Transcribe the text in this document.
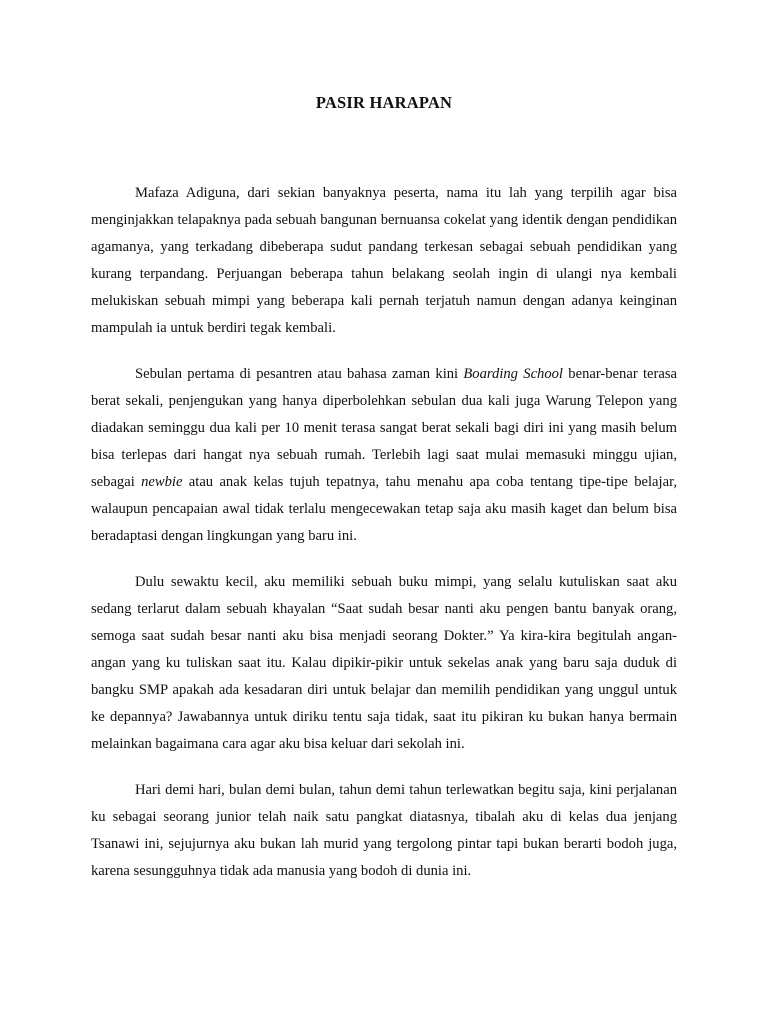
PASIR HARAPAN

Mafaza Adiguna, dari sekian banyaknya peserta, nama itu lah yang terpilih agar bisa menginjakkan telapaknya pada sebuah bangunan bernuansa cokelat yang identik dengan pendidikan agamanya, yang terkadang dibeberapa sudut pandang terkesan sebagai sebuah pendidikan yang kurang terpandang. Perjuangan beberapa tahun belakang seolah ingin di ulangi nya kembali melukiskan sebuah mimpi yang beberapa kali pernah terjatuh namun dengan adanya keinginan mampulah ia untuk berdiri tegak kembali.

Sebulan pertama di pesantren atau bahasa zaman kini Boarding School benar-benar terasa berat sekali, penjengukan yang hanya diperbolehkan sebulan dua kali juga Warung Telepon yang diadakan seminggu dua kali per 10 menit terasa sangat berat sekali bagi diri ini yang masih belum bisa terlepas dari hangat nya sebuah rumah. Terlebih lagi saat mulai memasuki minggu ujian, sebagai newbie atau anak kelas tujuh tepatnya, tahu menahu apa coba tentang tipe-tipe belajar, walaupun pencapaian awal tidak terlalu mengecewakan tetap saja aku masih kaget dan belum bisa beradaptasi dengan lingkungan yang baru ini.

Dulu sewaktu kecil, aku memiliki sebuah buku mimpi, yang selalu kutuliskan saat aku sedang terlarut dalam sebuah khayalan “Saat sudah besar nanti aku pengen bantu banyak orang, semoga saat sudah besar nanti aku bisa menjadi seorang Dokter.” Ya kira-kira begitulah angan-angan yang ku tuliskan saat itu. Kalau dipikir-pikir untuk sekelas anak yang baru saja duduk di bangku SMP apakah ada kesadaran diri untuk belajar dan memilih pendidikan yang unggul untuk ke depannya? Jawabannya untuk diriku tentu saja tidak, saat itu pikiran ku bukan hanya bermain melainkan bagaimana cara agar aku bisa keluar dari sekolah ini.

Hari demi hari, bulan demi bulan, tahun demi tahun terlewatkan begitu saja, kini perjalanan ku sebagai seorang junior telah naik satu pangkat diatasnya, tibalah aku di kelas dua jenjang Tsanawi ini, sejujurnya aku bukan lah murid yang tergolong pintar tapi bukan berarti bodoh juga, karena sesungguhnya tidak ada manusia yang bodoh di dunia ini.
